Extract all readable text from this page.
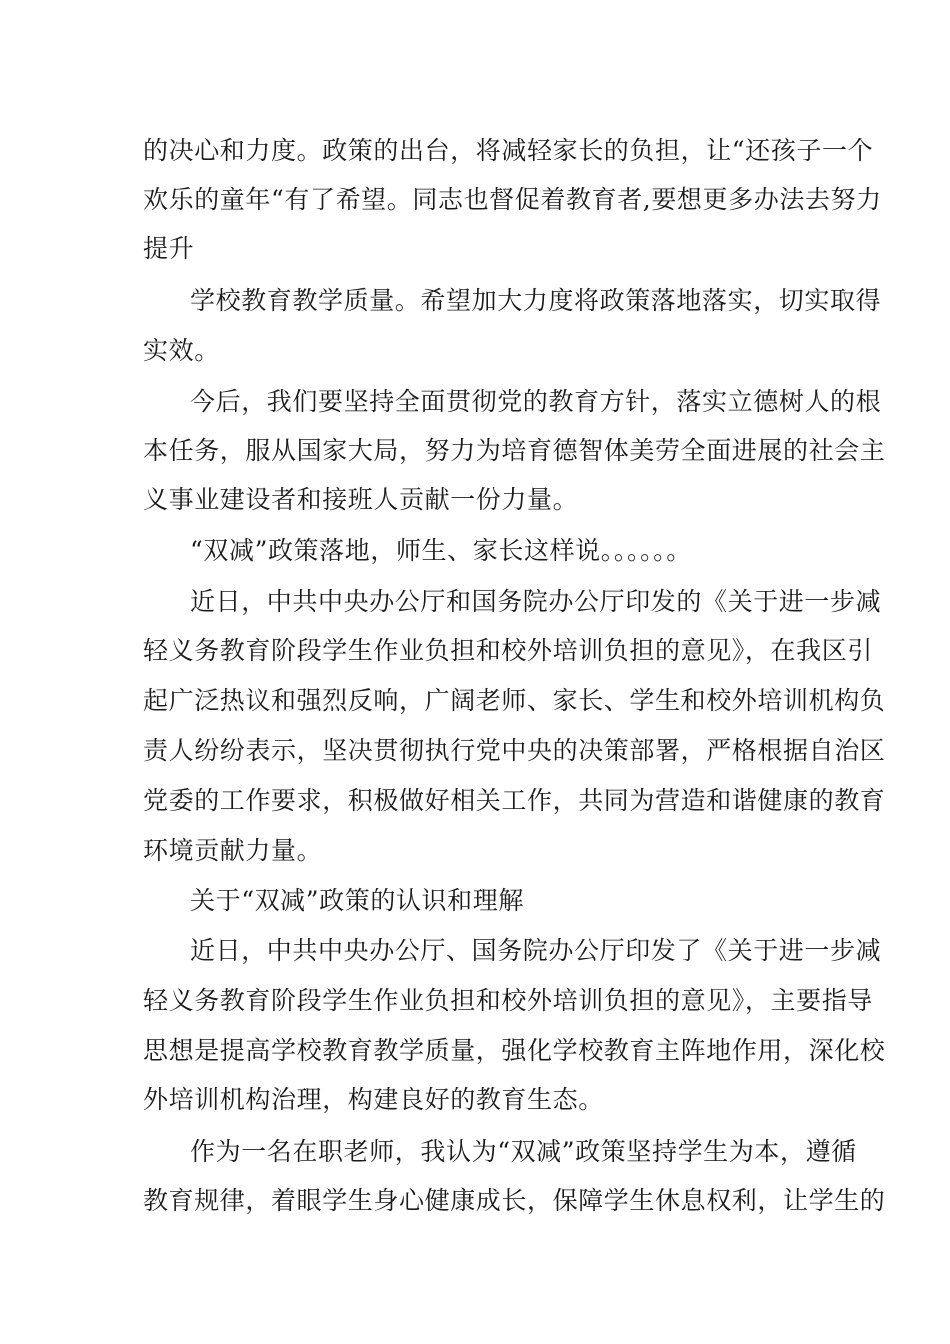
的决心和力度。政策的出台，将减轻家长的负担，让“还孩子一个
欢乐的童年“有了希望。同志也督促着教育者,要想更多办法去努力
提升
学校教育教学质量。希望加大力度将政策落地落实，切实取得
实效。
今后，我们要坚持全面贯彻党的教育方针，落实立德树人的根
本任务，服从国家大局，努力为培育德智体美劳全面进展的社会主
义事业建设者和接班人贡献一份力量。
“双减”政策落地，师生、家长这样说。。。。。。
近日，中共中央办公厅和国务院办公厅印发的《关于进一步减
轻义务教育阶段学生作业负担和校外培训负担的意见》，在我区引
起广泛热议和强烈反响，广阔老师、家长、学生和校外培训机构负
责人纷纷表示，坚决贯彻执行党中央的决策部署，严格根据自治区
党委的工作要求，积极做好相关工作，共同为营造和谐健康的教育
环境贡献力量。
关于“双减”政策的认识和理解
近日，中共中央办公厅、国务院办公厅印发了《关于进一步减
轻义务教育阶段学生作业负担和校外培训负担的意见》，主要指导
思想是提高学校教育教学质量，强化学校教育主阵地作用，深化校
外培训机构治理，构建良好的教育生态。
作为一名在职老师，我认为“双减”政策坚持学生为本，遵循
教育规律，着眼学生身心健康成长，保障学生休息权利，让学生的
